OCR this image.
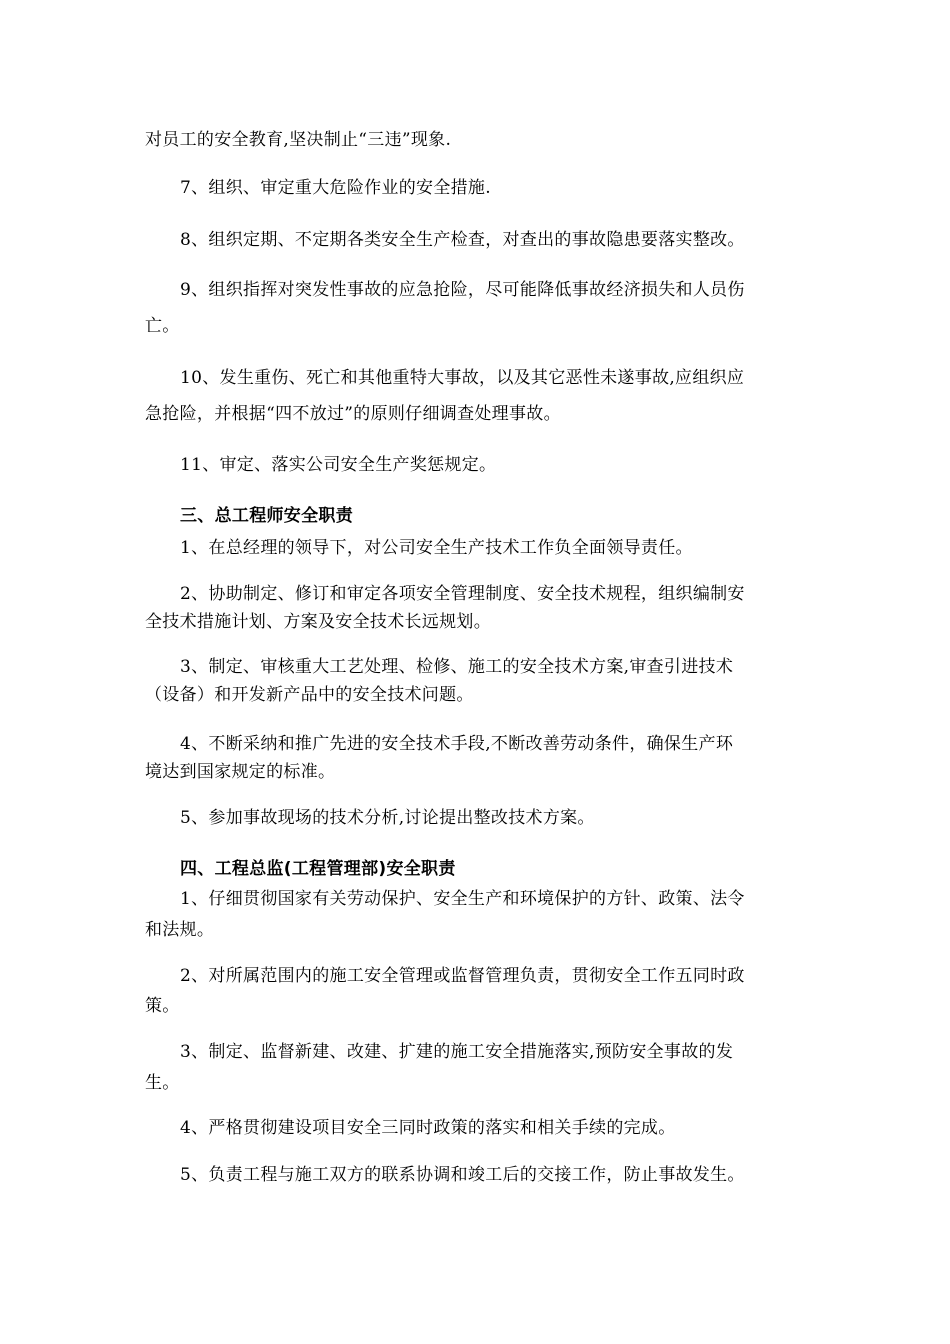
对员工的安全教育,坚决制止“三违”现象.
7、组织、审定重大危险作业的安全措施.
8、组织定期、不定期各类安全生产检查，对查出的事故隐患要落实整改。
9、组织指挥对突发性事故的应急抢险，尽可能降低事故经济损失和人员伤
亡。
10、发生重伤、死亡和其他重特大事故，以及其它恶性未遂事故,应组织应
急抢险，并根据“四不放过”的原则仔细调查处理事故。
11、审定、落实公司安全生产奖惩规定。
三、总工程师安全职责
1、在总经理的领导下，对公司安全生产技术工作负全面领导责任。
2、协助制定、修订和审定各项安全管理制度、安全技术规程，组织编制安
全技术措施计划、方案及安全技术长远规划。
3、制定、审核重大工艺处理、检修、施工的安全技术方案,审查引进技术
（设备）和开发新产品中的安全技术问题。
4、不断采纳和推广先进的安全技术手段,不断改善劳动条件，确保生产环
境达到国家规定的标准。
5、参加事故现场的技术分析,讨论提出整改技术方案。
四、工程总监(工程管理部)安全职责
1、仔细贯彻国家有关劳动保护、安全生产和环境保护的方针、政策、法令
和法规。
2、对所属范围内的施工安全管理或监督管理负责，贯彻安全工作五同时政
策。
3、制定、监督新建、改建、扩建的施工安全措施落实,预防安全事故的发
生。
4、严格贯彻建设项目安全三同时政策的落实和相关手续的完成。
5、负责工程与施工双方的联系协调和竣工后的交接工作，防止事故发生。
